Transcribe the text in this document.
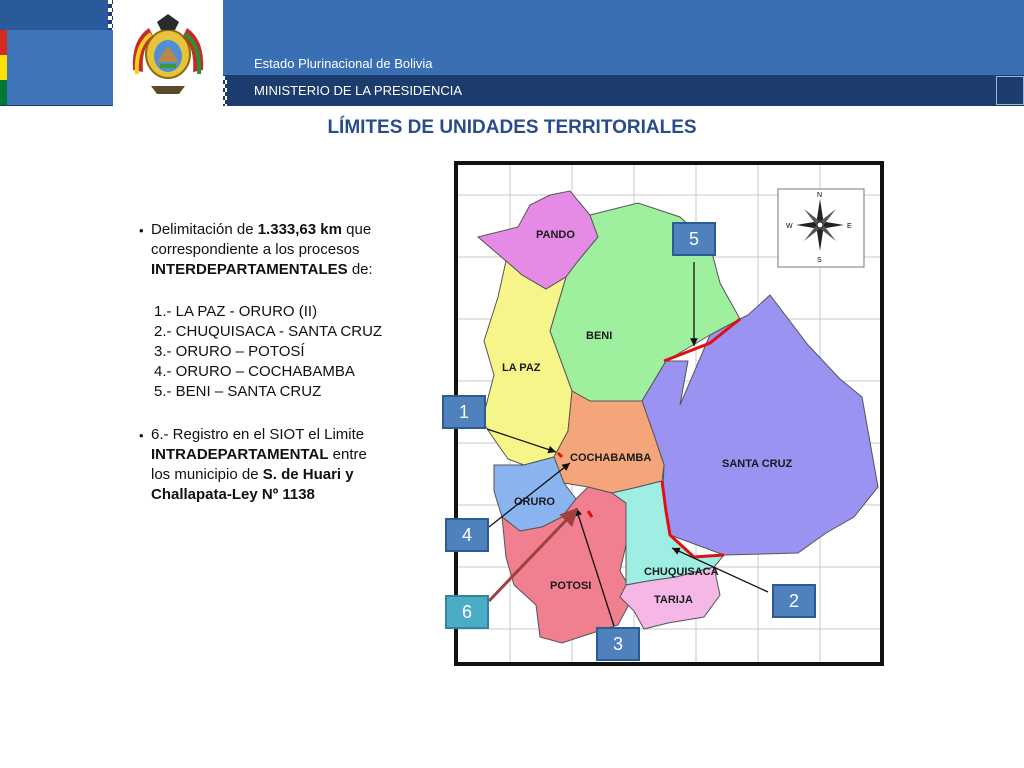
Estado Plurinacional de Bolivia
MINISTERIO DE LA PRESIDENCIA
LÍMITES DE UNIDADES TERRITORIALES
• Delimitación de 1.333,63 km que
correspondiente a los procesos
INTERDEPARTAMENTALES de:
1.- LA PAZ - ORURO (II)
2.- CHUQUISACA - SANTA CRUZ
3.- ORURO – POTOSÍ
4.- ORURO – COCHABAMBA
5.- BENI – SANTA CRUZ
• 6.- Registro en el SIOT el Limite
INTRADEPARTAMENTAL entre
los municipio de S. de Huari y
Challapata-Ley Nº 1138
PANDO
BENI
LA PAZ
SANTA CRUZ
COCHABAMBA
ORURO
CHUQUISACA
POTOSI
TARIJA
N
S
E
W
1
2
3
4
5
6
